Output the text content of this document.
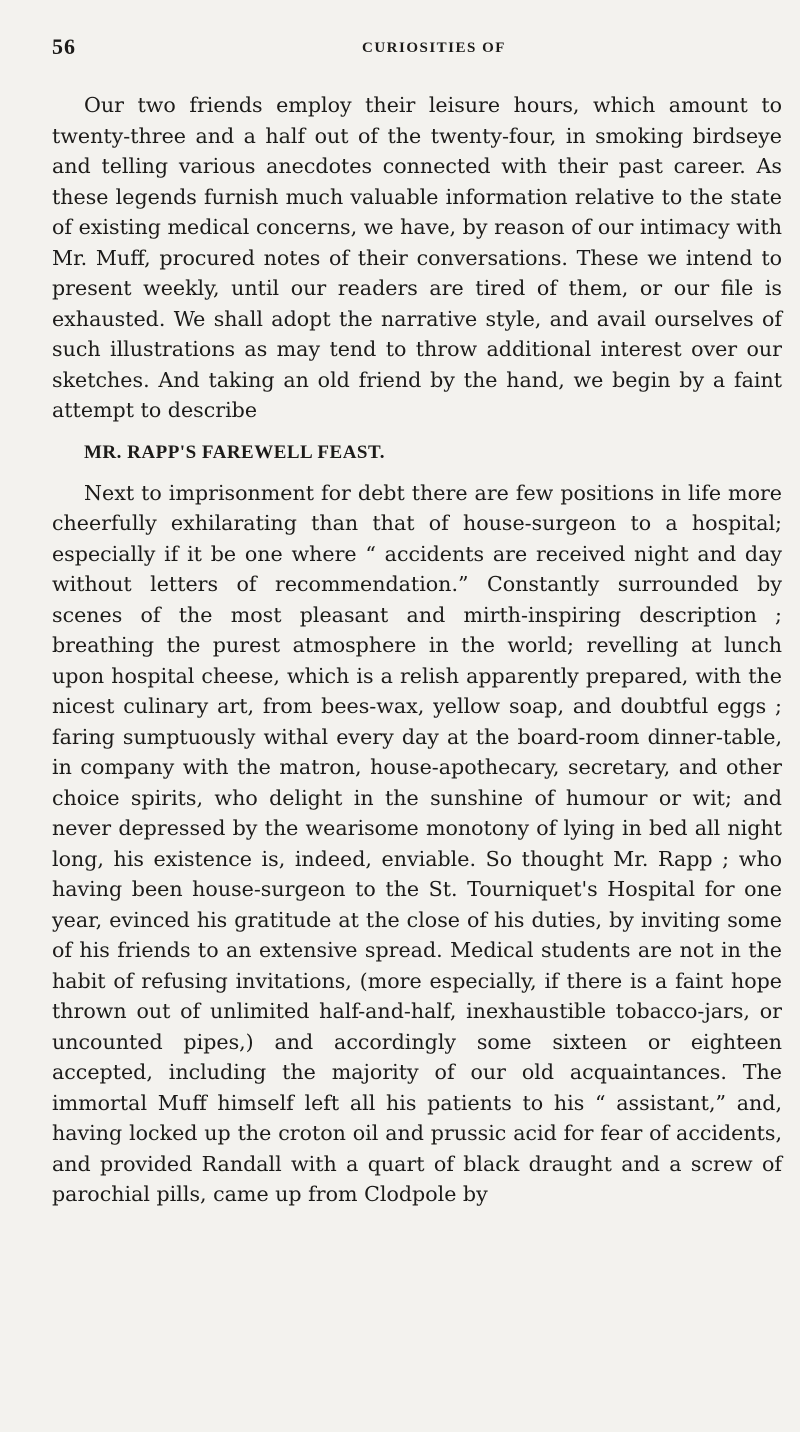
56	CURIOSITIES OF

Our two friends employ their leisure hours, which amount to twenty-three and a half out of the twenty-four, in smoking birdseye and telling various anecdotes connected with their past career. As these legends furnish much valuable information relative to the state of existing medical concerns, we have, by reason of our intimacy with Mr. Muff, procured notes of their conversations. These we intend to present weekly, until our readers are tired of them, or our file is exhausted. We shall adopt the narrative style, and avail ourselves of such illustrations as may tend to throw additional interest over our sketches. And taking an old friend by the hand, we begin by a faint attempt to describe

MR. RAPP'S FAREWELL FEAST.

Next to imprisonment for debt there are few positions in life more cheerfully exhilarating than that of house-surgeon to a hospital; especially if it be one where “ accidents are received night and day without letters of recommendation.” Constantly surrounded by scenes of the most pleasant and mirth-inspiring description ; breathing the purest atmosphere in the world; revelling at lunch upon hospital cheese, which is a relish apparently prepared, with the nicest culinary art, from bees-wax, yellow soap, and doubtful eggs ; faring sumptuously withal every day at the board-room dinner-table, in company with the matron, house-apothecary, secretary, and other choice spirits, who delight in the sunshine of humour or wit; and never depressed by the wearisome monotony of lying in bed all night long, his existence is, indeed, enviable. So thought Mr. Rapp ; who having been house-surgeon to the St. Tourniquet's Hospital for one year, evinced his gratitude at the close of his duties, by inviting some of his friends to an extensive spread. Medical students are not in the habit of refusing invitations, (more especially, if there is a faint hope thrown out of unlimited half-and-half, inexhaustible tobacco-jars, or uncounted pipes,) and accordingly some sixteen or eighteen accepted, including the majority of our old acquaintances. The immortal Muff himself left all his patients to his “ assistant,” and, having locked up the croton oil and prussic acid for fear of accidents, and provided Randall with a quart of black draught and a screw of parochial pills, came up from Clodpole by
